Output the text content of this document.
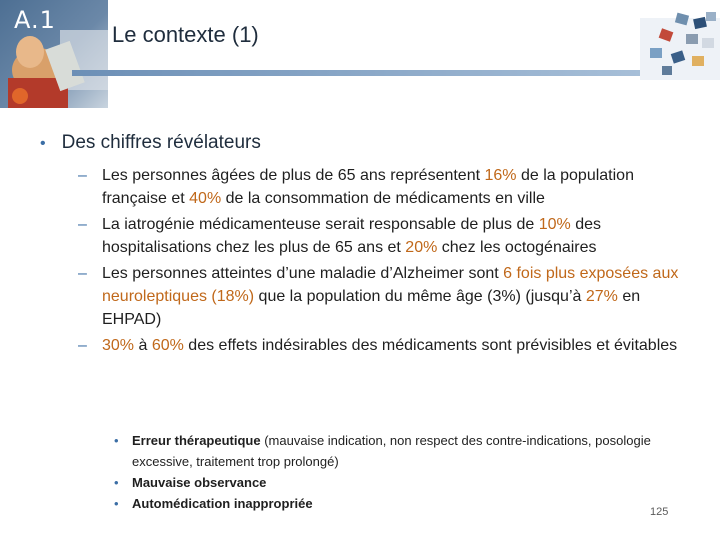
A.1
Le contexte (1)
• Des chiffres révélateurs
– Les personnes âgées de plus de 65 ans représentent 16% de la population française et 40% de la consommation de médicaments en ville
– La iatrogénie médicamenteuse serait responsable de plus de 10% des hospitalisations chez les plus de 65 ans et 20% chez les octogénaires
– Les personnes atteintes d’une maladie d’Alzheimer sont 6 fois plus exposées aux neuroleptiques (18%) que la population du même âge (3%) (jusqu’à 27% en EHPAD)
– 30% à 60% des effets indésirables des médicaments sont prévisibles et évitables
• Erreur thérapeutique (mauvaise indication, non respect des contre-indications, posologie excessive, traitement trop prolongé)
• Mauvaise observance
• Automédication inappropriée
125
